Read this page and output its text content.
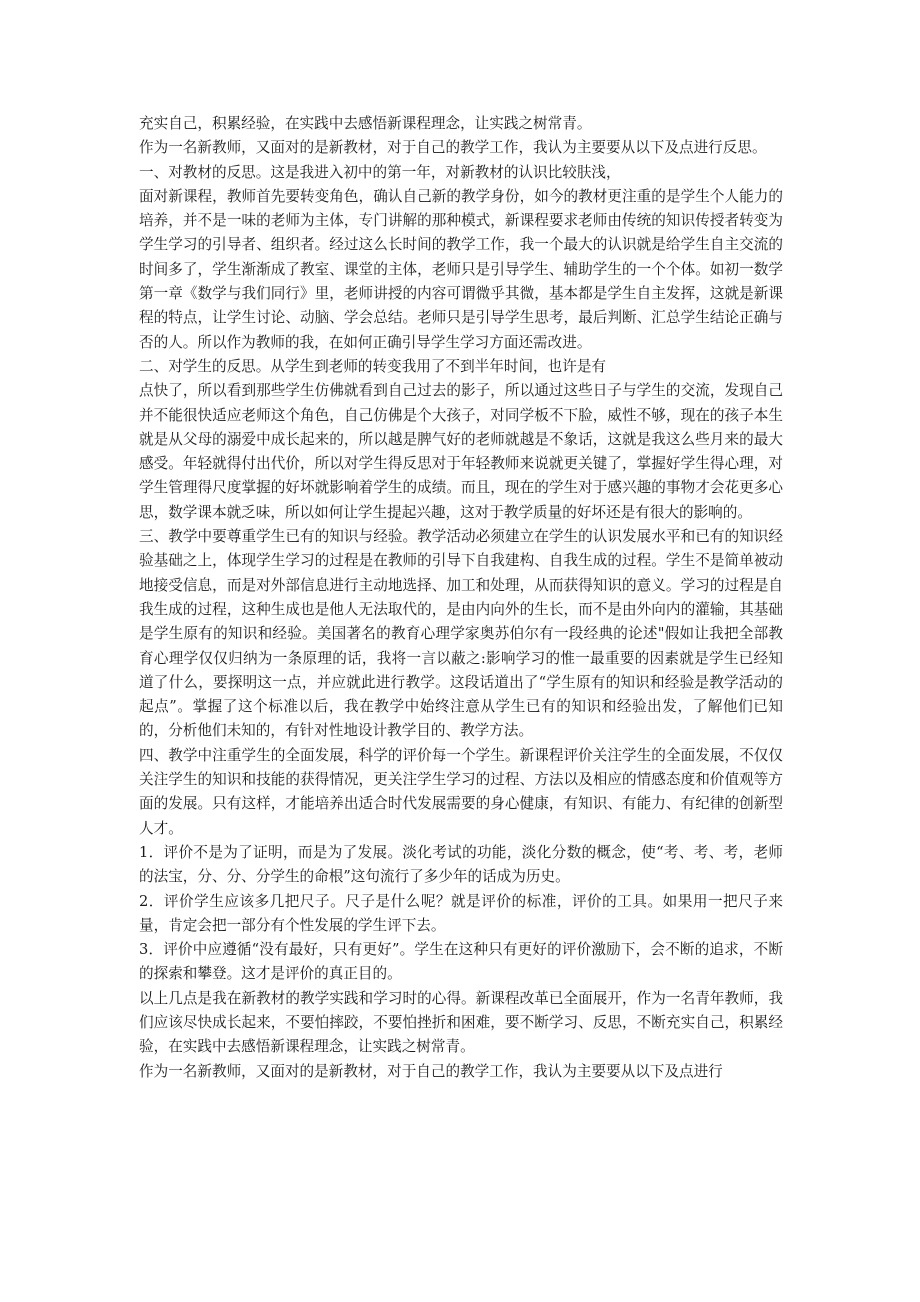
充实自己，积累经验，在实践中去感悟新课程理念，让实践之树常青。

作为一名新教师，又面对的是新教材，对于自己的教学工作，我认为主要要从以下及点进行反思。

一、对教材的反思。这是我进入初中的第一年，对新教材的认识比较肤浅，

面对新课程，教师首先要转变角色，确认自己新的教学身份，如今的教材更注重的是学生个人能力的培养，并不是一味的老师为主体，专门讲解的那种模式，新课程要求老师由传统的知识传授者转变为学生学习的引导者、组织者。经过这么长时间的教学工作，我一个最大的认识就是给学生自主交流的时间多了，学生渐渐成了教室、课堂的主体，老师只是引导学生、辅助学生的一个个体。如初一数学第一章《数学与我们同行》里，老师讲授的内容可谓微乎其微，基本都是学生自主发挥，这就是新课程的特点，让学生讨论、动脑、学会总结。老师只是引导学生思考，最后判断、汇总学生结论正确与否的人。所以作为教师的我，在如何正确引导学生学习方面还需改进。

二、对学生的反思。从学生到老师的转变我用了不到半年时间，也许是有

点快了，所以看到那些学生仿佛就看到自己过去的影子，所以通过这些日子与学生的交流，发现自己并不能很快适应老师这个角色，自己仿佛是个大孩子，对同学板不下脸，威性不够，现在的孩子本生就是从父母的溺爱中成长起来的，所以越是脾气好的老师就越是不象话，这就是我这么些月来的最大感受。年轻就得付出代价，所以对学生得反思对于年轻教师来说就更关键了，掌握好学生得心理，对学生管理得尺度掌握的好坏就影响着学生的成绩。而且，现在的学生对于感兴趣的事物才会花更多心思，数学课本就乏味，所以如何让学生提起兴趣，这对于教学质量的好坏还是有很大的影响的。

三、教学中要尊重学生已有的知识与经验。教学活动必须建立在学生的认识发展水平和已有的知识经验基础之上，体现学生学习的过程是在教师的引导下自我建构、自我生成的过程。学生不是简单被动地接受信息，而是对外部信息进行主动地选择、加工和处理，从而获得知识的意义。学习的过程是自我生成的过程，这种生成也是他人无法取代的，是由内向外的生长，而不是由外向内的灌输，其基础是学生原有的知识和经验。美国著名的教育心理学家奥苏伯尔有一段经典的论述"假如让我把全部教育心理学仅仅归纳为一条原理的话，我将一言以蔽之:影响学习的惟一最重要的因素就是学生已经知道了什么，要探明这一点，并应就此进行教学。这段话道出了“学生原有的知识和经验是教学活动的起点”。掌握了这个标准以后，我在教学中始终注意从学生已有的知识和经验出发，了解他们已知的，分析他们未知的，有针对性地设计教学目的、教学方法。

四、教学中注重学生的全面发展，科学的评价每一个学生。新课程评价关注学生的全面发展，不仅仅关注学生的知识和技能的获得情况，更关注学生学习的过程、方法以及相应的情感态度和价值观等方面的发展。只有这样，才能培养出适合时代发展需要的身心健康，有知识、有能力、有纪律的创新型人才。

1．评价不是为了证明，而是为了发展。淡化考试的功能，淡化分数的概念，使“考、考、考，老师的法宝，分、分、分学生的命根”这句流行了多少年的话成为历史。

2．评价学生应该多几把尺子。尺子是什么呢？就是评价的标准，评价的工具。如果用一把尺子来量，肯定会把一部分有个性发展的学生评下去。

3．评价中应遵循“没有最好，只有更好”。学生在这种只有更好的评价激励下，会不断的追求，不断的探索和攀登。这才是评价的真正目的。

以上几点是我在新教材的教学实践和学习时的心得。新课程改革已全面展开，作为一名青年教师，我们应该尽快成长起来，不要怕摔跤，不要怕挫折和困难，要不断学习、反思，不断充实自己，积累经验，在实践中去感悟新课程理念，让实践之树常青。

作为一名新教师，又面对的是新教材，对于自己的教学工作，我认为主要要从以下及点进行
